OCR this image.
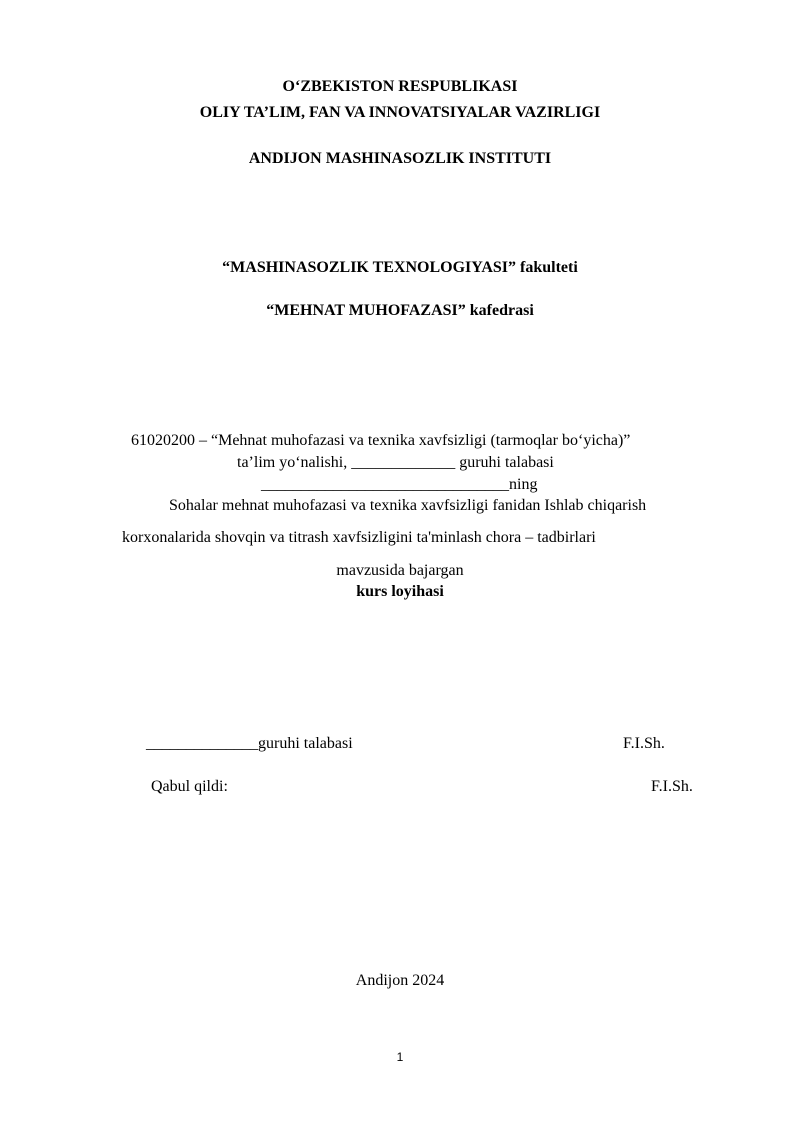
O‘ZBEKISTON RESPUBLIKASI
OLIY TA’LIM, FAN VA INNOVATSIYALAR VAZIRLIGI
ANDIJON MASHINASOZLIK INSTITUTI
“MASHINASOZLIK TEXNOLOGIYASI” fakulteti
“MEHNAT MUHOFAZASI” kafedrasi
61020200 – “Mehnat muhofazasi va texnika xavfsizligi (tarmoqlar bo‘yicha)”
ta’lim yo‘nalishi, _____________ guruhi talabasi
_______________________________ning
Sohalar mehnat muhofazasi va texnika xavfsizligi fanidan Ishlab chiqarish
korxonalarida shovqin va titrash xavfsizligini ta'minlash chora – tadbirlari
mavzusida bajargan
kurs loyihasi
______________guruhi talabasi	F.I.Sh.
Qabul qildi:	F.I.Sh.
Andijon 2024
1
